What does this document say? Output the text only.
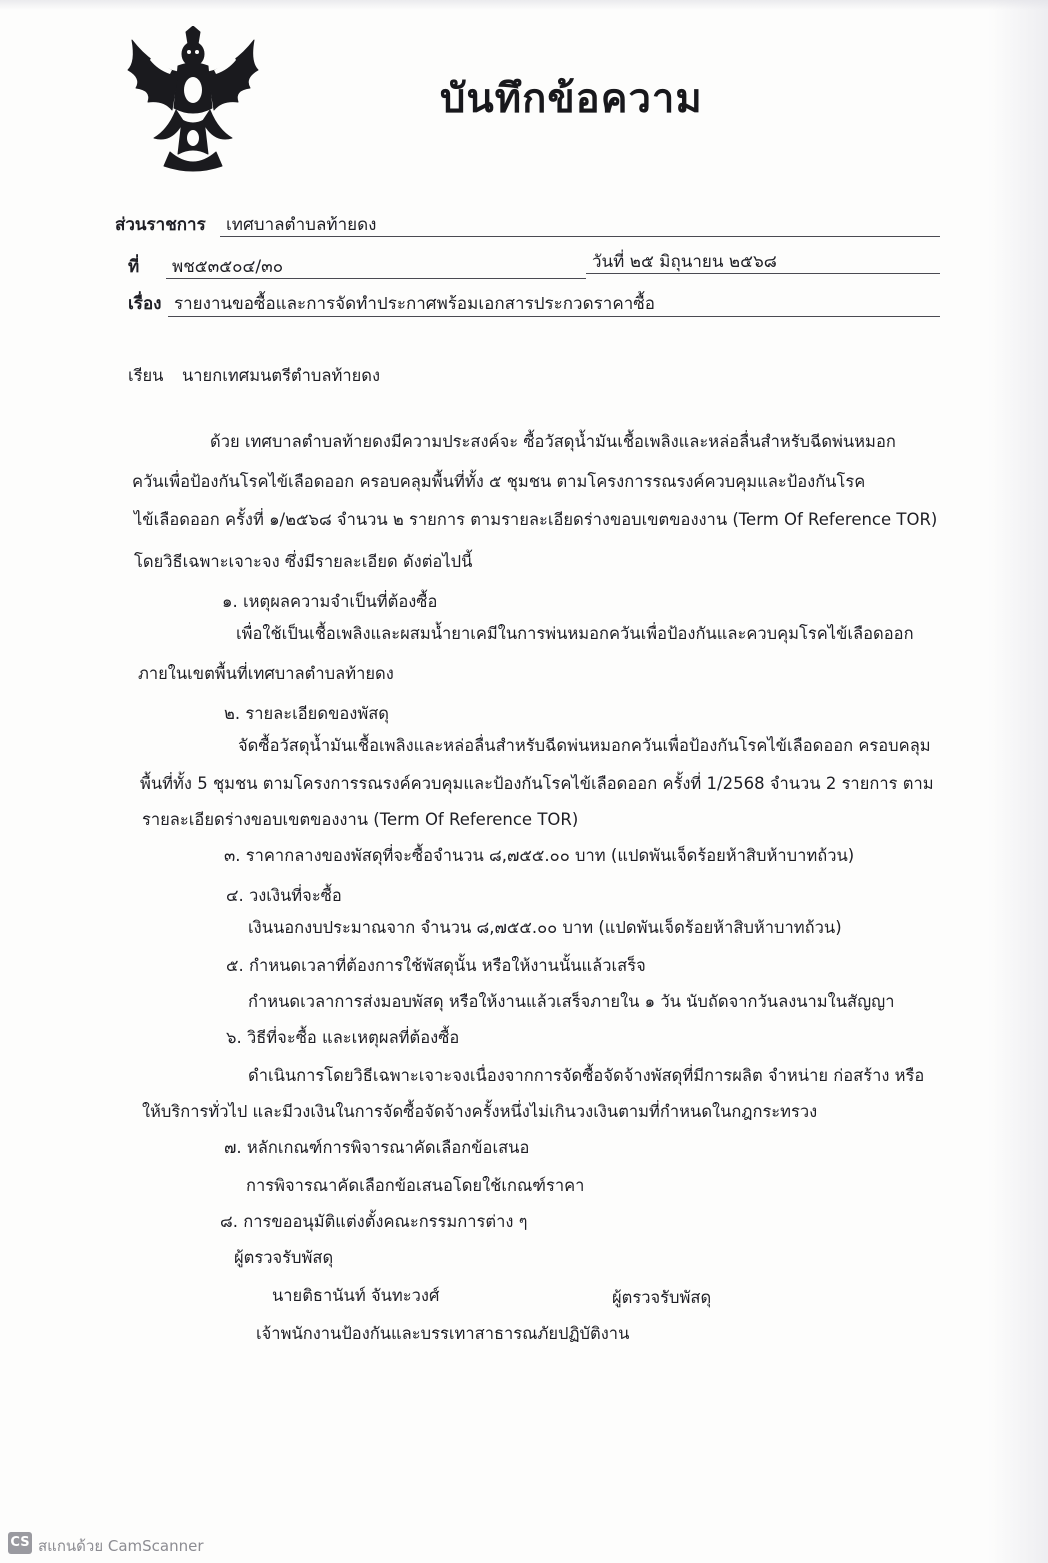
บันทึกข้อความ
ส่วนราชการ เทศบาลตำบลท้ายดง
ที่ พช๕๓๕๐๔/๓๐	วันที่ ๒๕ มิถุนายน ๒๕๖๘
เรื่อง รายงานขอซื้อและการจัดทำประกาศพร้อมเอกสารประกวดราคาซื้อ
เรียน นายกเทศมนตรีตำบลท้ายดง
ด้วย เทศบาลตำบลท้ายดงมีความประสงค์จะ ซื้อวัสดุน้ำมันเชื้อเพลิงและหล่อลื่นสำหรับฉีดพ่นหมอก
ควันเพื่อป้องกันโรคไข้เลือดออก ครอบคลุมพื้นที่ทั้ง ๕ ชุมชน ตามโครงการรณรงค์ควบคุมและป้องกันโรค
ไข้เลือดออก ครั้งที่ ๑/๒๕๖๘ จำนวน ๒ รายการ ตามรายละเอียดร่างขอบเขตของงาน (Term Of Reference TOR)
โดยวิธีเฉพาะเจาะจง ซึ่งมีรายละเอียด ดังต่อไปนี้
๑. เหตุผลความจำเป็นที่ต้องซื้อ
เพื่อใช้เป็นเชื้อเพลิงและผสมน้ำยาเคมีในการพ่นหมอกควันเพื่อป้องกันและควบคุมโรคไข้เลือดออก
ภายในเขตพื้นที่เทศบาลตำบลท้ายดง
๒. รายละเอียดของพัสดุ
จัดซื้อวัสดุน้ำมันเชื้อเพลิงและหล่อลื่นสำหรับฉีดพ่นหมอกควันเพื่อป้องกันโรคไข้เลือดออก ครอบคลุม
พื้นที่ทั้ง 5 ชุมชน ตามโครงการรณรงค์ควบคุมและป้องกันโรคไข้เลือดออก ครั้งที่ 1/2568 จำนวน 2 รายการ ตาม
รายละเอียดร่างขอบเขตของงาน (Term Of Reference TOR)
๓. ราคากลางของพัสดุที่จะซื้อจำนวน ๘,๗๕๕.๐๐ บาท (แปดพันเจ็ดร้อยห้าสิบห้าบาทถ้วน)
๔. วงเงินที่จะซื้อ
เงินนอกงบประมาณจาก จำนวน ๘,๗๕๕.๐๐ บาท (แปดพันเจ็ดร้อยห้าสิบห้าบาทถ้วน)
๕. กำหนดเวลาที่ต้องการใช้พัสดุนั้น หรือให้งานนั้นแล้วเสร็จ
กำหนดเวลาการส่งมอบพัสดุ หรือให้งานแล้วเสร็จภายใน ๑ วัน นับถัดจากวันลงนามในสัญญา
๖. วิธีที่จะซื้อ และเหตุผลที่ต้องซื้อ
ดำเนินการโดยวิธีเฉพาะเจาะจงเนื่องจากการจัดซื้อจัดจ้างพัสดุที่มีการผลิต จำหน่าย ก่อสร้าง หรือ
ให้บริการทั่วไป และมีวงเงินในการจัดซื้อจัดจ้างครั้งหนึ่งไม่เกินวงเงินตามที่กำหนดในกฎกระทรวง
๗. หลักเกณฑ์การพิจารณาคัดเลือกข้อเสนอ
การพิจารณาคัดเลือกข้อเสนอโดยใช้เกณฑ์ราคา
๘. การขออนุมัติแต่งตั้งคณะกรรมการต่าง ๆ
ผู้ตรวจรับพัสดุ
นายติธานันท์ จันทะวงศ์	ผู้ตรวจรับพัสดุ
เจ้าพนักงานป้องกันและบรรเทาสาธารณภัยปฏิบัติงาน
CS สแกนด้วย CamScanner
